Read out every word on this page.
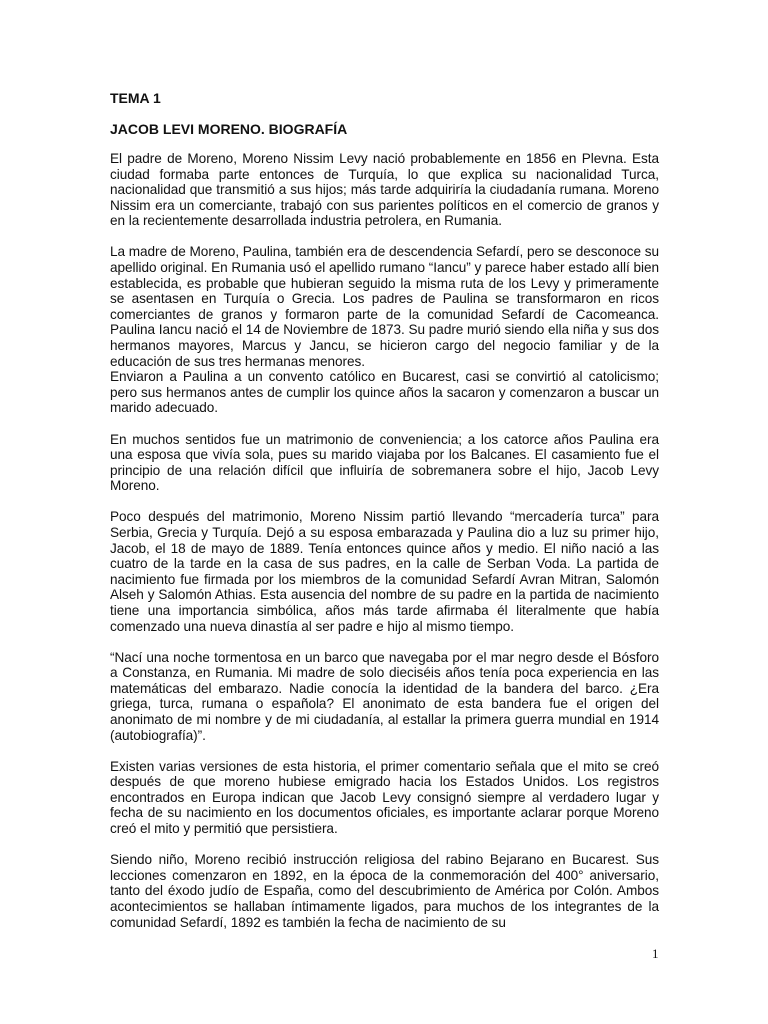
TEMA 1
JACOB LEVI MORENO. BIOGRAFÍA

El padre de Moreno, Moreno Nissim Levy nació probablemente en 1856 en Plevna. Esta ciudad formaba parte entonces de Turquía, lo que explica su nacionalidad Turca, nacionalidad que transmitió a sus hijos; más tarde adquiriría la ciudadanía rumana. Moreno Nissim era un comerciante, trabajó con sus parientes políticos en el comercio de granos y en la recientemente desarrollada industria petrolera, en Rumania.

La madre de Moreno, Paulina, también era de descendencia Sefardí, pero se desconoce su apellido original. En Rumania usó el apellido rumano “Iancu” y parece haber estado allí bien establecida, es probable que hubieran seguido la misma ruta de los Levy y primeramente se asentasen en Turquía o Grecia. Los padres de Paulina se transformaron en ricos comerciantes de granos y formaron parte de la comunidad Sefardí de Cacomeanca. Paulina Iancu nació el 14 de Noviembre de 1873. Su padre murió siendo ella niña y sus dos hermanos mayores, Marcus y Jancu, se hicieron cargo del negocio familiar y de la educación de sus tres hermanas menores.

Enviaron a Paulina a un convento católico en Bucarest, casi se convirtió al catolicismo; pero sus hermanos antes de cumplir los quince años la sacaron y comenzaron a buscar un marido adecuado.

En muchos sentidos fue un matrimonio de conveniencia; a los catorce años Paulina era una esposa que vivía sola, pues su marido viajaba por los Balcanes. El casamiento fue el principio de una relación difícil que influiría de sobremanera sobre el hijo, Jacob Levy Moreno.

Poco después del matrimonio, Moreno Nissim partió llevando “mercadería turca” para Serbia, Grecia y Turquía. Dejó a su esposa embarazada y Paulina dio a luz su primer hijo, Jacob, el 18 de mayo de 1889. Tenía entonces quince años y medio. El niño nació a las cuatro de la tarde en la casa de sus padres, en la calle de Serban Voda. La partida de nacimiento fue firmada por los miembros de la comunidad Sefardí Avran Mitran, Salomón Alseh y Salomón Athias. Esta ausencia del nombre de su padre en la partida de nacimiento tiene una importancia simbólica, años más tarde afirmaba él literalmente que había comenzado una nueva dinastía al ser padre e hijo al mismo tiempo.

“Nací una noche tormentosa en un barco que navegaba por el mar negro desde el Bósforo a Constanza, en Rumania. Mi madre de solo dieciséis años tenía poca experiencia en las matemáticas del embarazo. Nadie conocía la identidad de la bandera del barco. ¿Era griega, turca, rumana o española? El anonimato de esta bandera fue el origen del anonimato de mi nombre y de mi ciudadanía, al estallar la primera guerra mundial en 1914 (autobiografía)”.

Existen varias versiones de esta historia, el primer comentario señala que el mito se creó después de que moreno hubiese emigrado hacia los Estados Unidos. Los registros encontrados en Europa indican que Jacob Levy consignó siempre al verdadero lugar y fecha de su nacimiento en los documentos oficiales, es importante aclarar porque Moreno creó el mito y permitió que persistiera.

Siendo niño, Moreno recibió instrucción religiosa del rabino Bejarano en Bucarest. Sus lecciones comenzaron en 1892, en la época de la conmemoración del 400° aniversario, tanto del éxodo judío de España, como del descubrimiento de América por Colón. Ambos acontecimientos se hallaban íntimamente ligados, para muchos de los integrantes de la comunidad Sefardí, 1892 es también la fecha de nacimiento de su

1
